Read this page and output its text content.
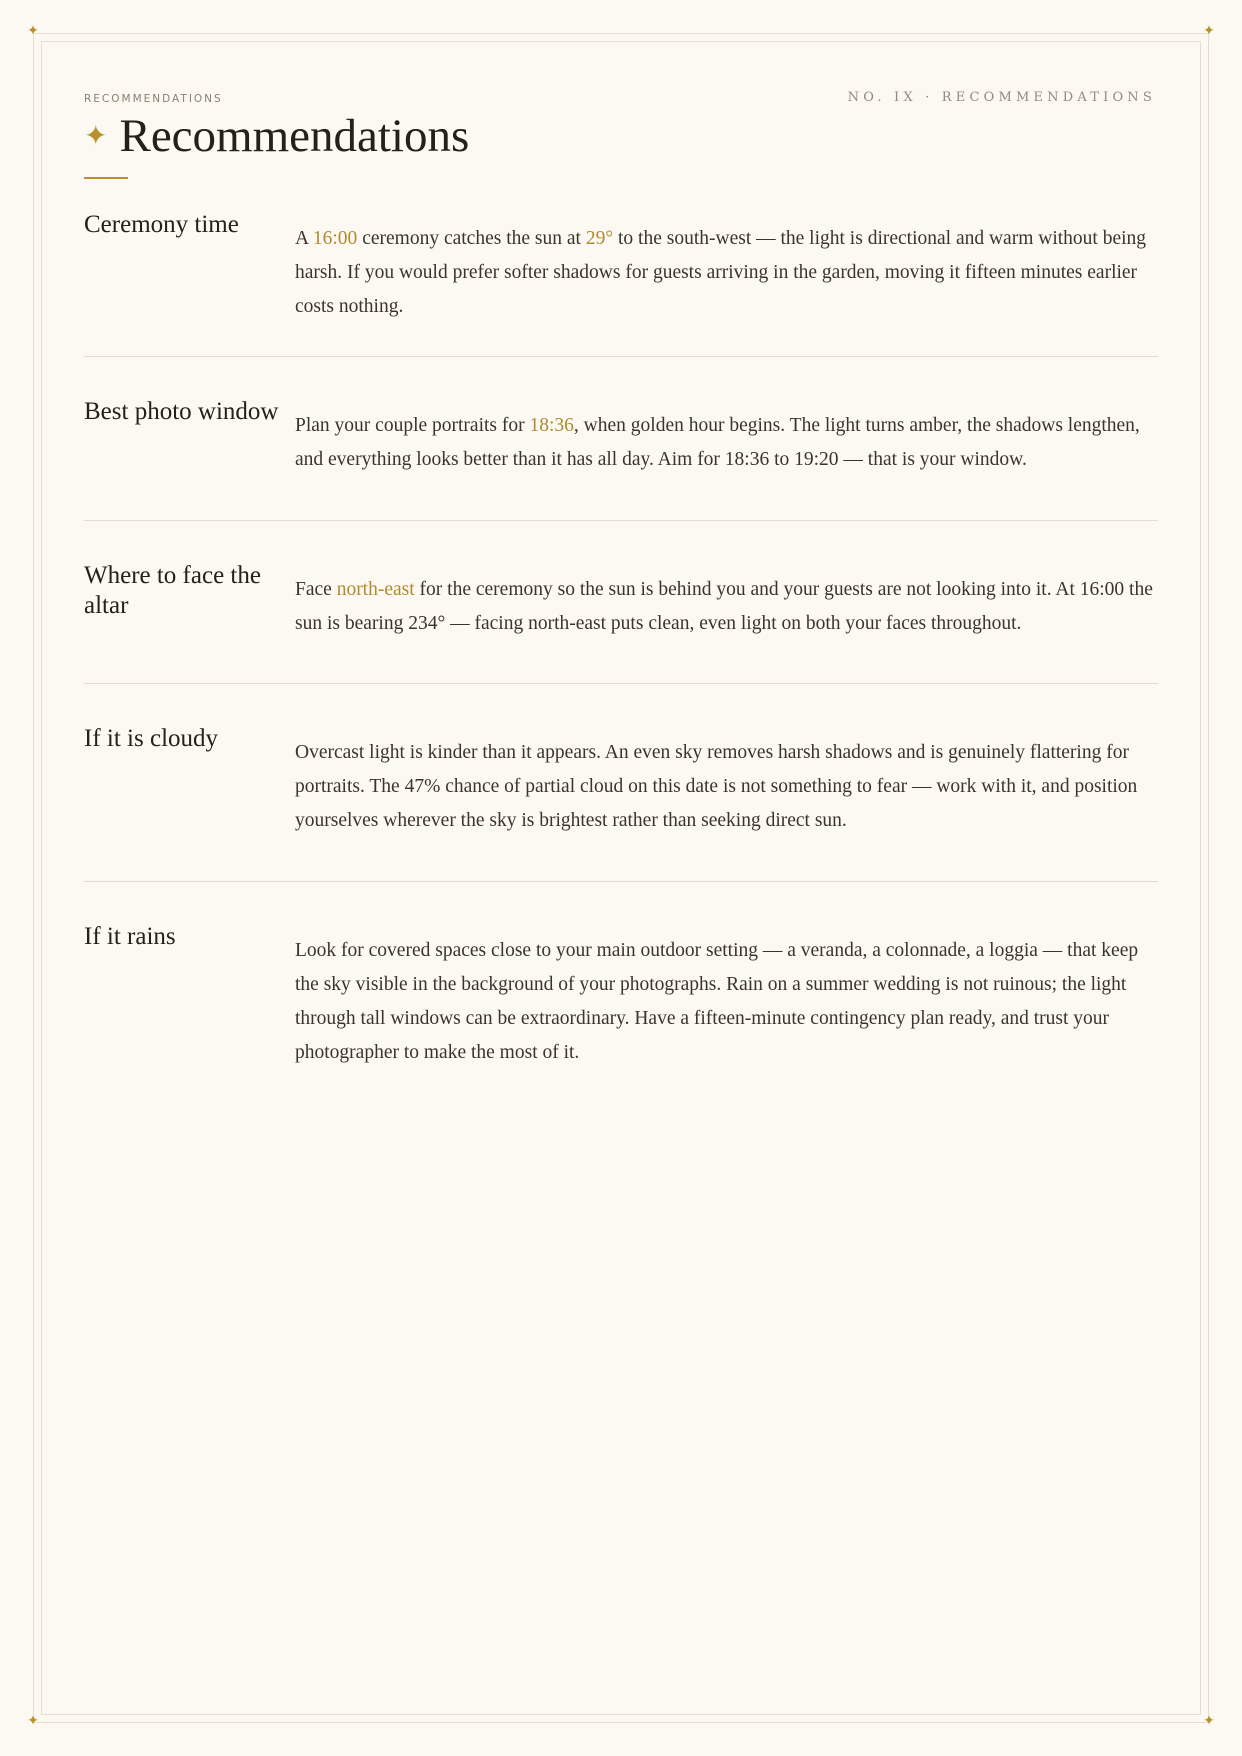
✦	✦
✦	✦
RECOMMENDATIONS	NO. IX · RECOMMENDATIONS
✦ Recommendations
Ceremony time
A 16:00 ceremony catches the sun at 29° to the south-west — the light is directional and warm without being harsh. If you would prefer softer shadows for guests arriving in the garden, moving it fifteen minutes earlier costs nothing.
Best photo window
Plan your couple portraits for 18:36, when golden hour begins. The light turns amber, the shadows lengthen, and everything looks better than it has all day. Aim for 18:36 to 19:20 — that is your window.
Where to face the altar
Face north-east for the ceremony so the sun is behind you and your guests are not looking into it. At 16:00 the sun is bearing 234° — facing north-east puts clean, even light on both your faces throughout.
If it is cloudy
Overcast light is kinder than it appears. An even sky removes harsh shadows and is genuinely flattering for portraits. The 47% chance of partial cloud on this date is not something to fear — work with it, and position yourselves wherever the sky is brightest rather than seeking direct sun.
If it rains
Look for covered spaces close to your main outdoor setting — a veranda, a colonnade, a loggia — that keep the sky visible in the background of your photographs. Rain on a summer wedding is not ruinous; the light through tall windows can be extraordinary. Have a fifteen-minute contingency plan ready, and trust your photographer to make the most of it.
